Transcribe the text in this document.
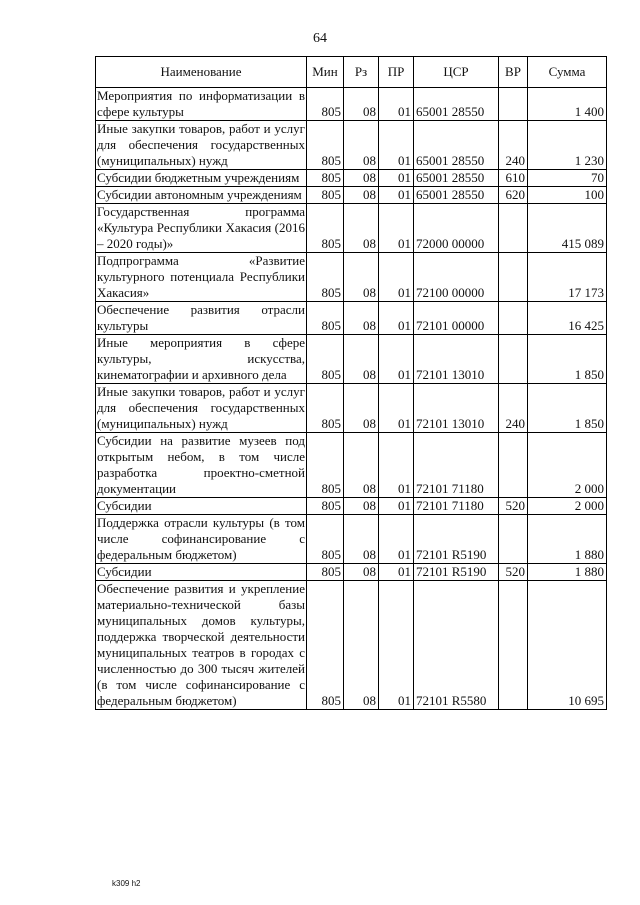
64
Наименование	Мин	Рз	ПР	ЦСР	ВР	Сумма
Мероприятия по информатизации в сфере культуры	805	08	01	65001 28550		1 400
Иные закупки товаров, работ и услуг для обеспечения государственных (муниципальных) нужд	805	08	01	65001 28550	240	1 230
Субсидии бюджетным учреждениям	805	08	01	65001 28550	610	70
Субсидии автономным учреждениям	805	08	01	65001 28550	620	100
Государственная программа «Культура Республики Хакасия (2016 – 2020 годы)»	805	08	01	72000 00000		415 089
Подпрограмма «Развитие культурного потенциала Республики Хакасия»	805	08	01	72100 00000		17 173
Обеспечение развития отрасли культуры	805	08	01	72101 00000		16 425
Иные мероприятия в сфере культуры, искусства, кинематографии и архивного дела	805	08	01	72101 13010		1 850
Иные закупки товаров, работ и услуг для обеспечения государственных (муниципальных) нужд	805	08	01	72101 13010	240	1 850
Субсидии на развитие музеев под открытым небом, в том числе разработка проектно-сметной документации	805	08	01	72101 71180		2 000
Субсидии	805	08	01	72101 71180	520	2 000
Поддержка отрасли культуры (в том числе софинансирование с федеральным бюджетом)	805	08	01	72101 R5190		1 880
Субсидии	805	08	01	72101 R5190	520	1 880
Обеспечение развития и укрепление материально-технической базы муниципальных домов культуры, поддержка творческой деятельности муниципальных театров в городах с численностью до 300 тысяч жителей (в том числе софинансирование с федеральным бюджетом)	805	08	01	72101 R5580		10 695
k309 h2
